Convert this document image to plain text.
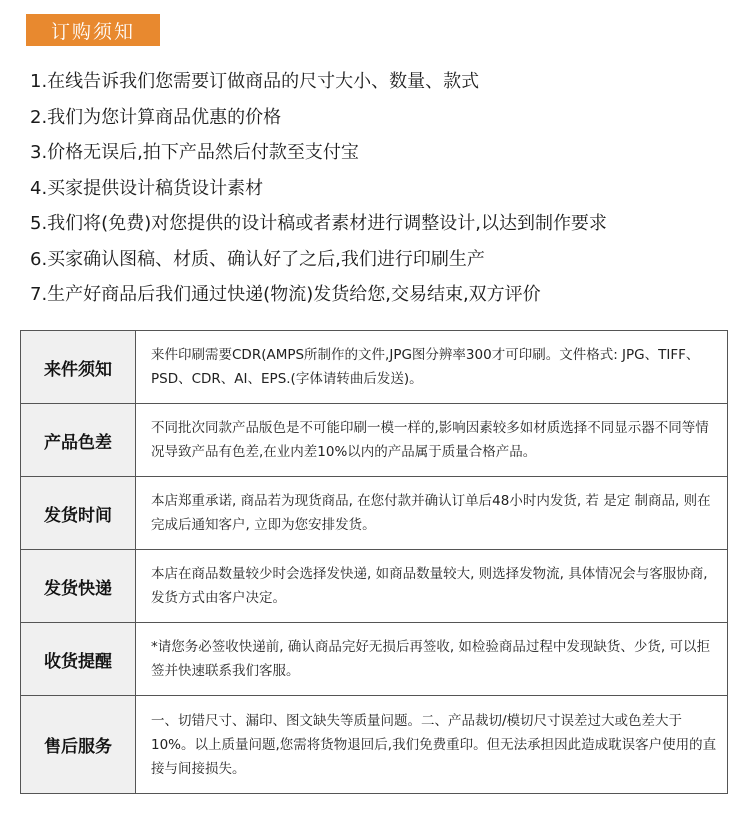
订购须知
1.在线告诉我们您需要订做商品的尺寸大小、数量、款式
2.我们为您计算商品优惠的价格
3.价格无误后,拍下产品然后付款至支付宝
4.买家提供设计稿货设计素材
5.我们将(免费)对您提供的设计稿或者素材进行调整设计,以达到制作要求
6.买家确认图稿、材质、确认好了之后,我们进行印刷生产
7.生产好商品后我们通过快递(物流)发货给您,交易结束,双方评价
来件须知	来件印刷需要CDR(AMPS所制作的文件,JPG图分辨率300才可印刷。文件格式: JPG、TIFF、PSD、CDR、AI、EPS.(字体请转曲后发送)。
产品色差	不同批次同款产品版色是不可能印刷一模一样的,影响因素较多如材质选择不同显示器不同等情况导致产品有色差,在业内差10%以内的产品属于质量合格产品。
发货时间	本店郑重承诺, 商品若为现货商品, 在您付款并确认订单后48小时内发货, 若 是定 制商品, 则在完成后通知客户, 立即为您安排发货。
发货快递	本店在商品数量较少时会选择发快递, 如商品数量较大, 则选择发物流, 具体情况会与客服协商, 发货方式由客户决定。
收货提醒	*请您务必签收快递前, 确认商品完好无损后再签收, 如检验商品过程中发现缺货、少货, 可以拒签并快速联系我们客服。
售后服务	一、切错尺寸、漏印、图文缺失等质量问题。二、产品裁切/模切尺寸误差过大或色差大于10%。以上质量问题,您需将货物退回后,我们免费重印。但无法承担因此造成耽误客户使用的直接与间接损失。
